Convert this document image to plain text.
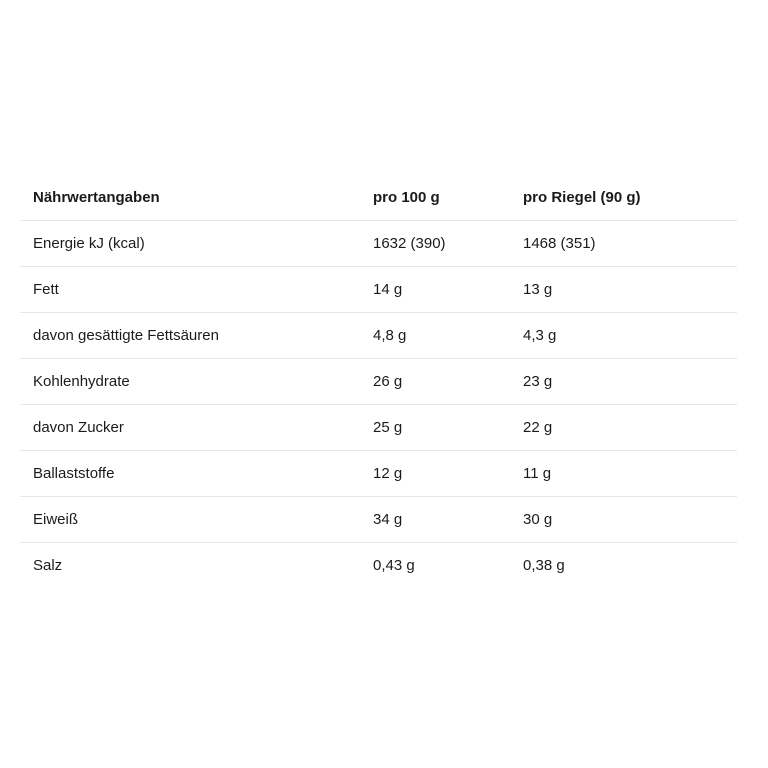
Nährwertangaben	pro 100 g	pro Riegel (90 g)
Energie kJ (kcal)	1632 (390)	1468 (351)
Fett	14 g	13 g
davon gesättigte Fettsäuren	4,8 g	4,3 g
Kohlenhydrate	26 g	23 g
davon Zucker	25 g	22 g
Ballaststoffe	12 g	11 g
Eiweiß	34 g	30 g
Salz	0,43 g	0,38 g
